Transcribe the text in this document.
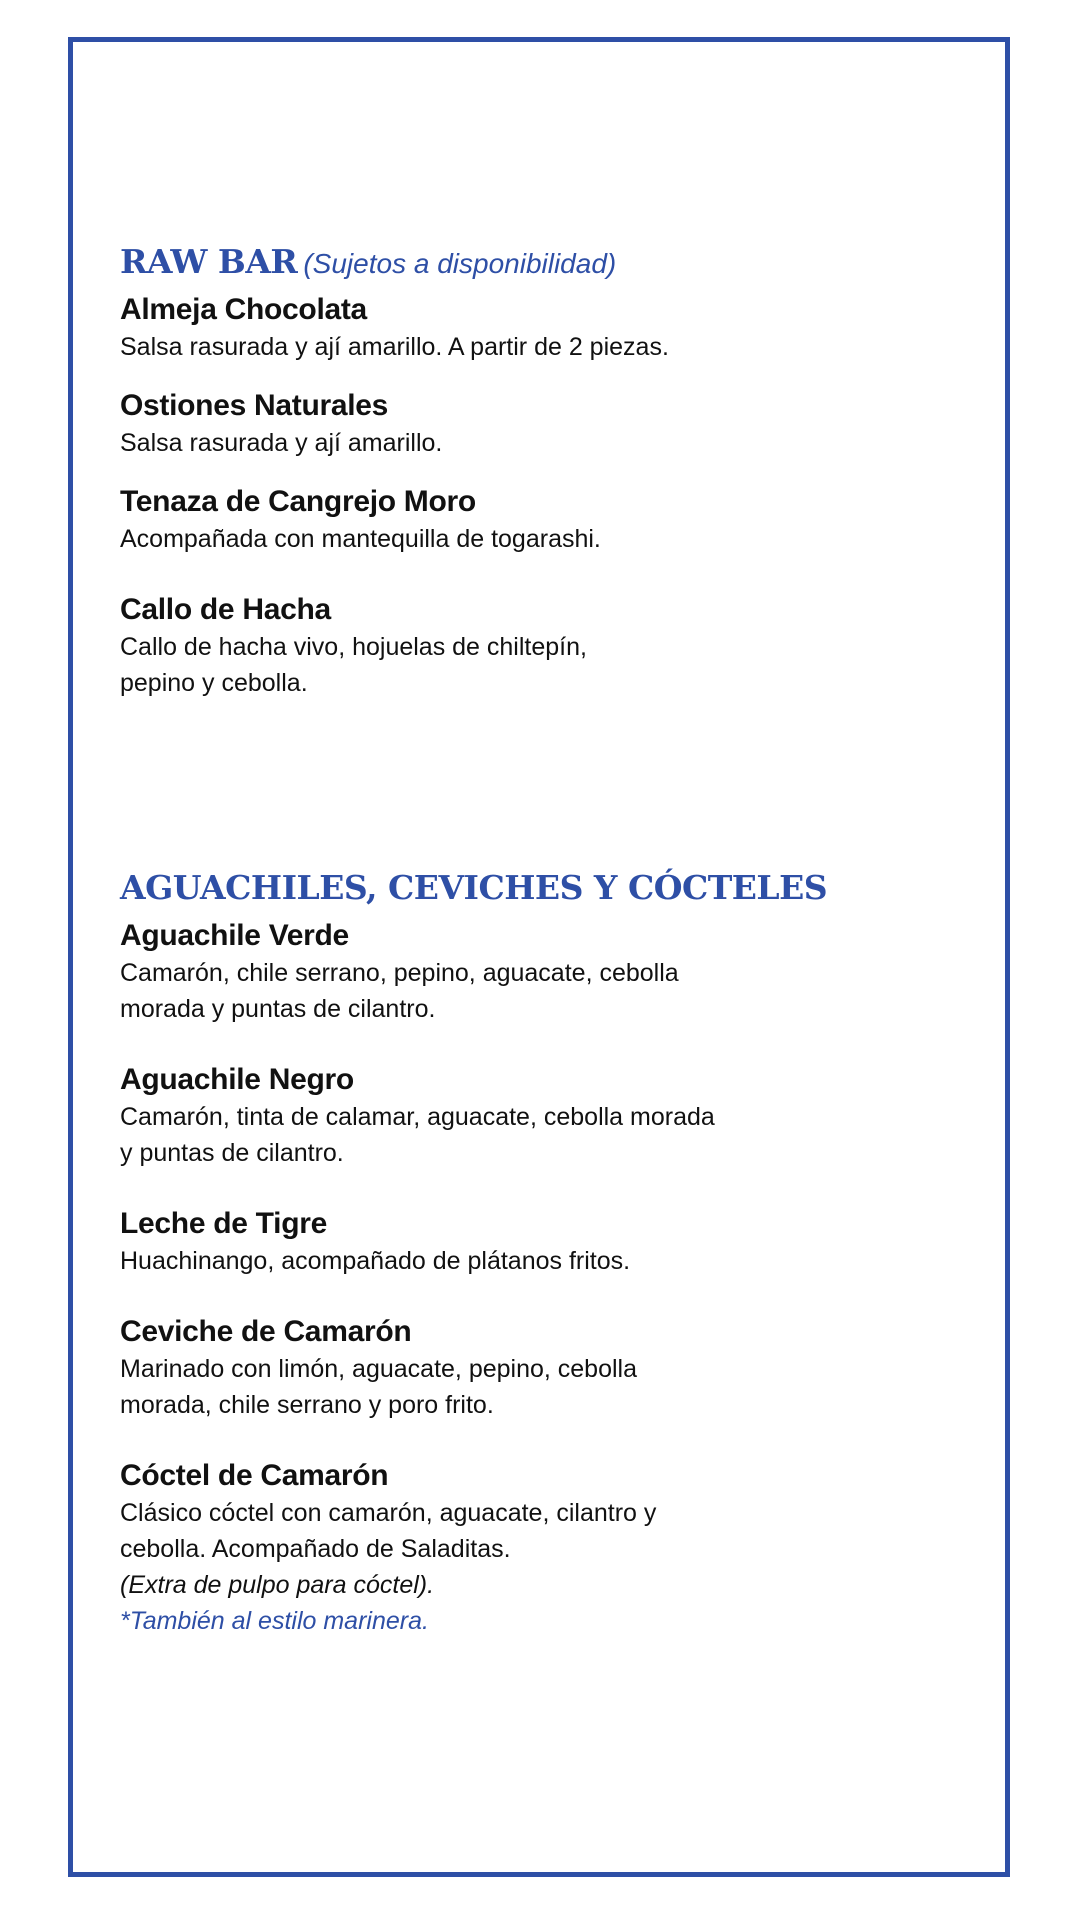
RAW BAR (Sujetos a disponibilidad)
Almeja Chocolata
Salsa rasurada y ají amarillo. A partir de 2 piezas.
Ostiones Naturales
Salsa rasurada y ají amarillo.
Tenaza de Cangrejo Moro
Acompañada con mantequilla de togarashi.
Callo de Hacha
Callo de hacha vivo, hojuelas de chiltepín,
pepino y cebolla.
AGUACHILES, CEVICHES Y CÓCTELES
Aguachile Verde
Camarón, chile serrano, pepino, aguacate, cebolla
morada y puntas de cilantro.
Aguachile Negro
Camarón, tinta de calamar, aguacate, cebolla morada
y puntas de cilantro.
Leche de Tigre
Huachinango, acompañado de plátanos fritos.
Ceviche de Camarón
Marinado con limón, aguacate, pepino, cebolla
morada, chile serrano y poro frito.
Cóctel de Camarón
Clásico cóctel con camarón, aguacate, cilantro y
cebolla. Acompañado de Saladitas.
(Extra de pulpo para cóctel).
*También al estilo marinera.
